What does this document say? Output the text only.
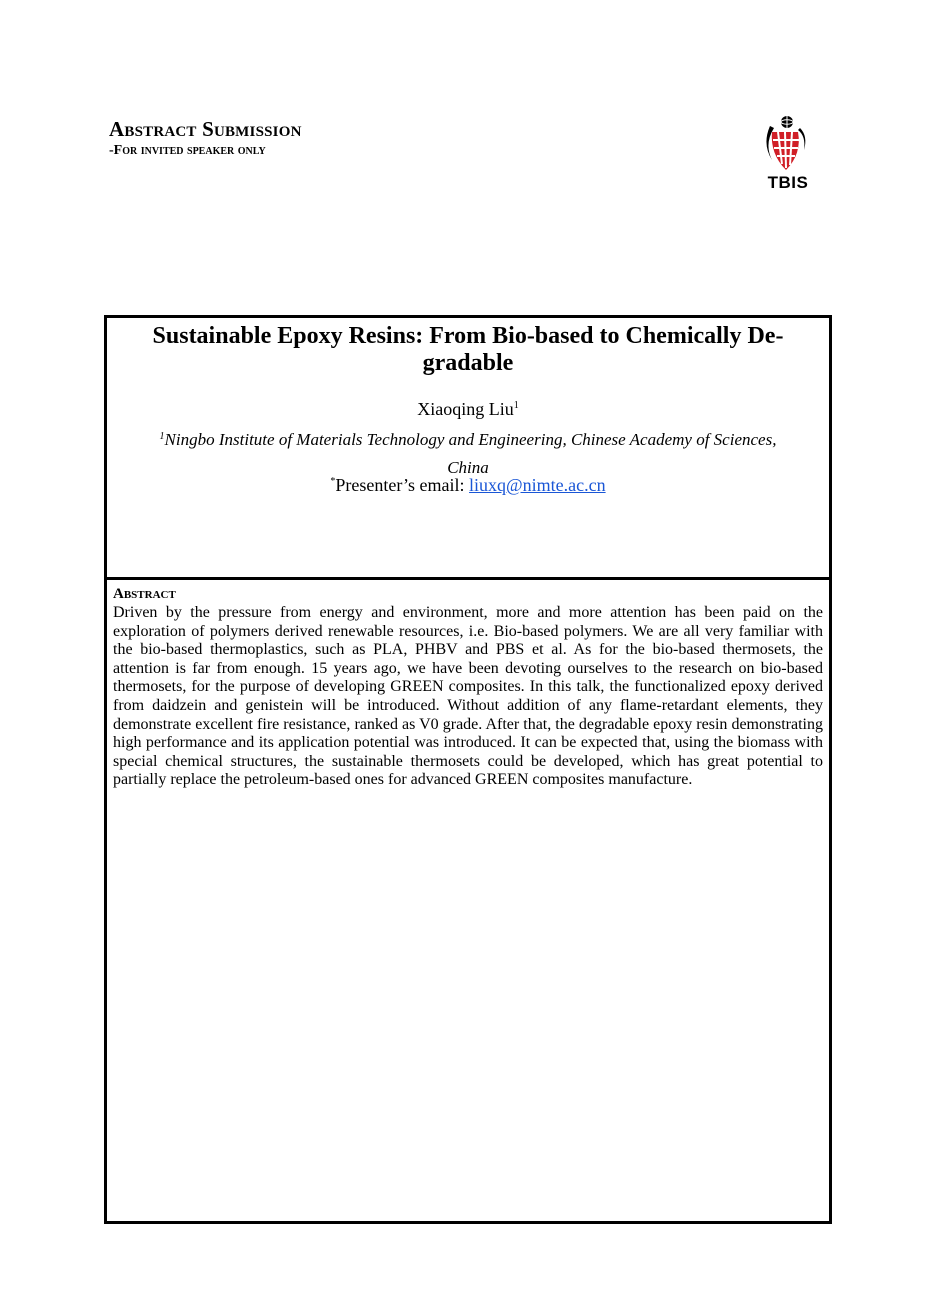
Abstract Submission
-For invited speaker only
TBIS
Sustainable Epoxy Resins: From Bio-based to Chemically Degradable
Xiaoqing Liu$^1$
$^1$Ningbo Institute of Materials Technology and Engineering, Chinese Academy of Sciences, China
*Presenter’s email: liuxq@nimte.ac.cn
Abstract
Driven by the pressure from energy and environment, more and more attention has been paid on the exploration of polymers derived renewable resources, i.e. Bio-based polymers. We are all very familiar with the bio-based thermoplastics, such as PLA, PHBV and PBS et al. As for the bio-based thermosets, the attention is far from enough. 15 years ago, we have been devoting ourselves to the research on bio-based thermosets, for the purpose of developing GREEN composites. In this talk, the functionalized epoxy derived from daidzein and genistein will be introduced. Without addition of any flame-retardant elements, they demonstrate excellent fire resistance, ranked as V0 grade. After that, the degradable epoxy resin demonstrating high performance and its application potential was introduced. It can be expected that, using the biomass with special chemical structures, the sustainable thermosets could be developed, which has great potential to partially replace the petroleum-based ones for advanced GREEN composites manufacture.
